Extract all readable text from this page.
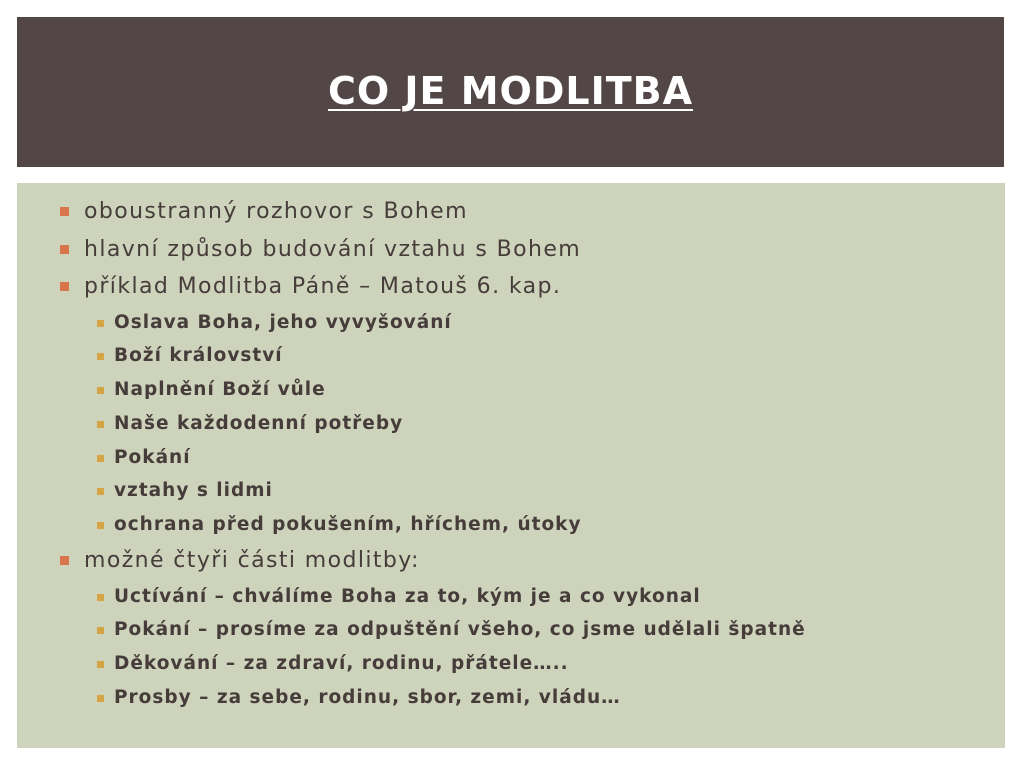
CO JE MODLITBA
oboustranný rozhovor s Bohem
hlavní způsob budování vztahu s Bohem
příklad Modlitba Páně – Matouš 6. kap.
Oslava Boha, jeho vyvyšování
Boží království
Naplnění Boží vůle
Naše každodenní potřeby
Pokání
vztahy s lidmi
ochrana před pokušením, hříchem, útoky
možné čtyři části modlitby:
Uctívání – chválíme Boha za to, kým je a co vykonal
Pokání – prosíme za odpuštění všeho, co jsme udělali špatně
Děkování – za zdraví, rodinu, přátele…..
Prosby – za sebe, rodinu, sbor, zemi, vládu…
